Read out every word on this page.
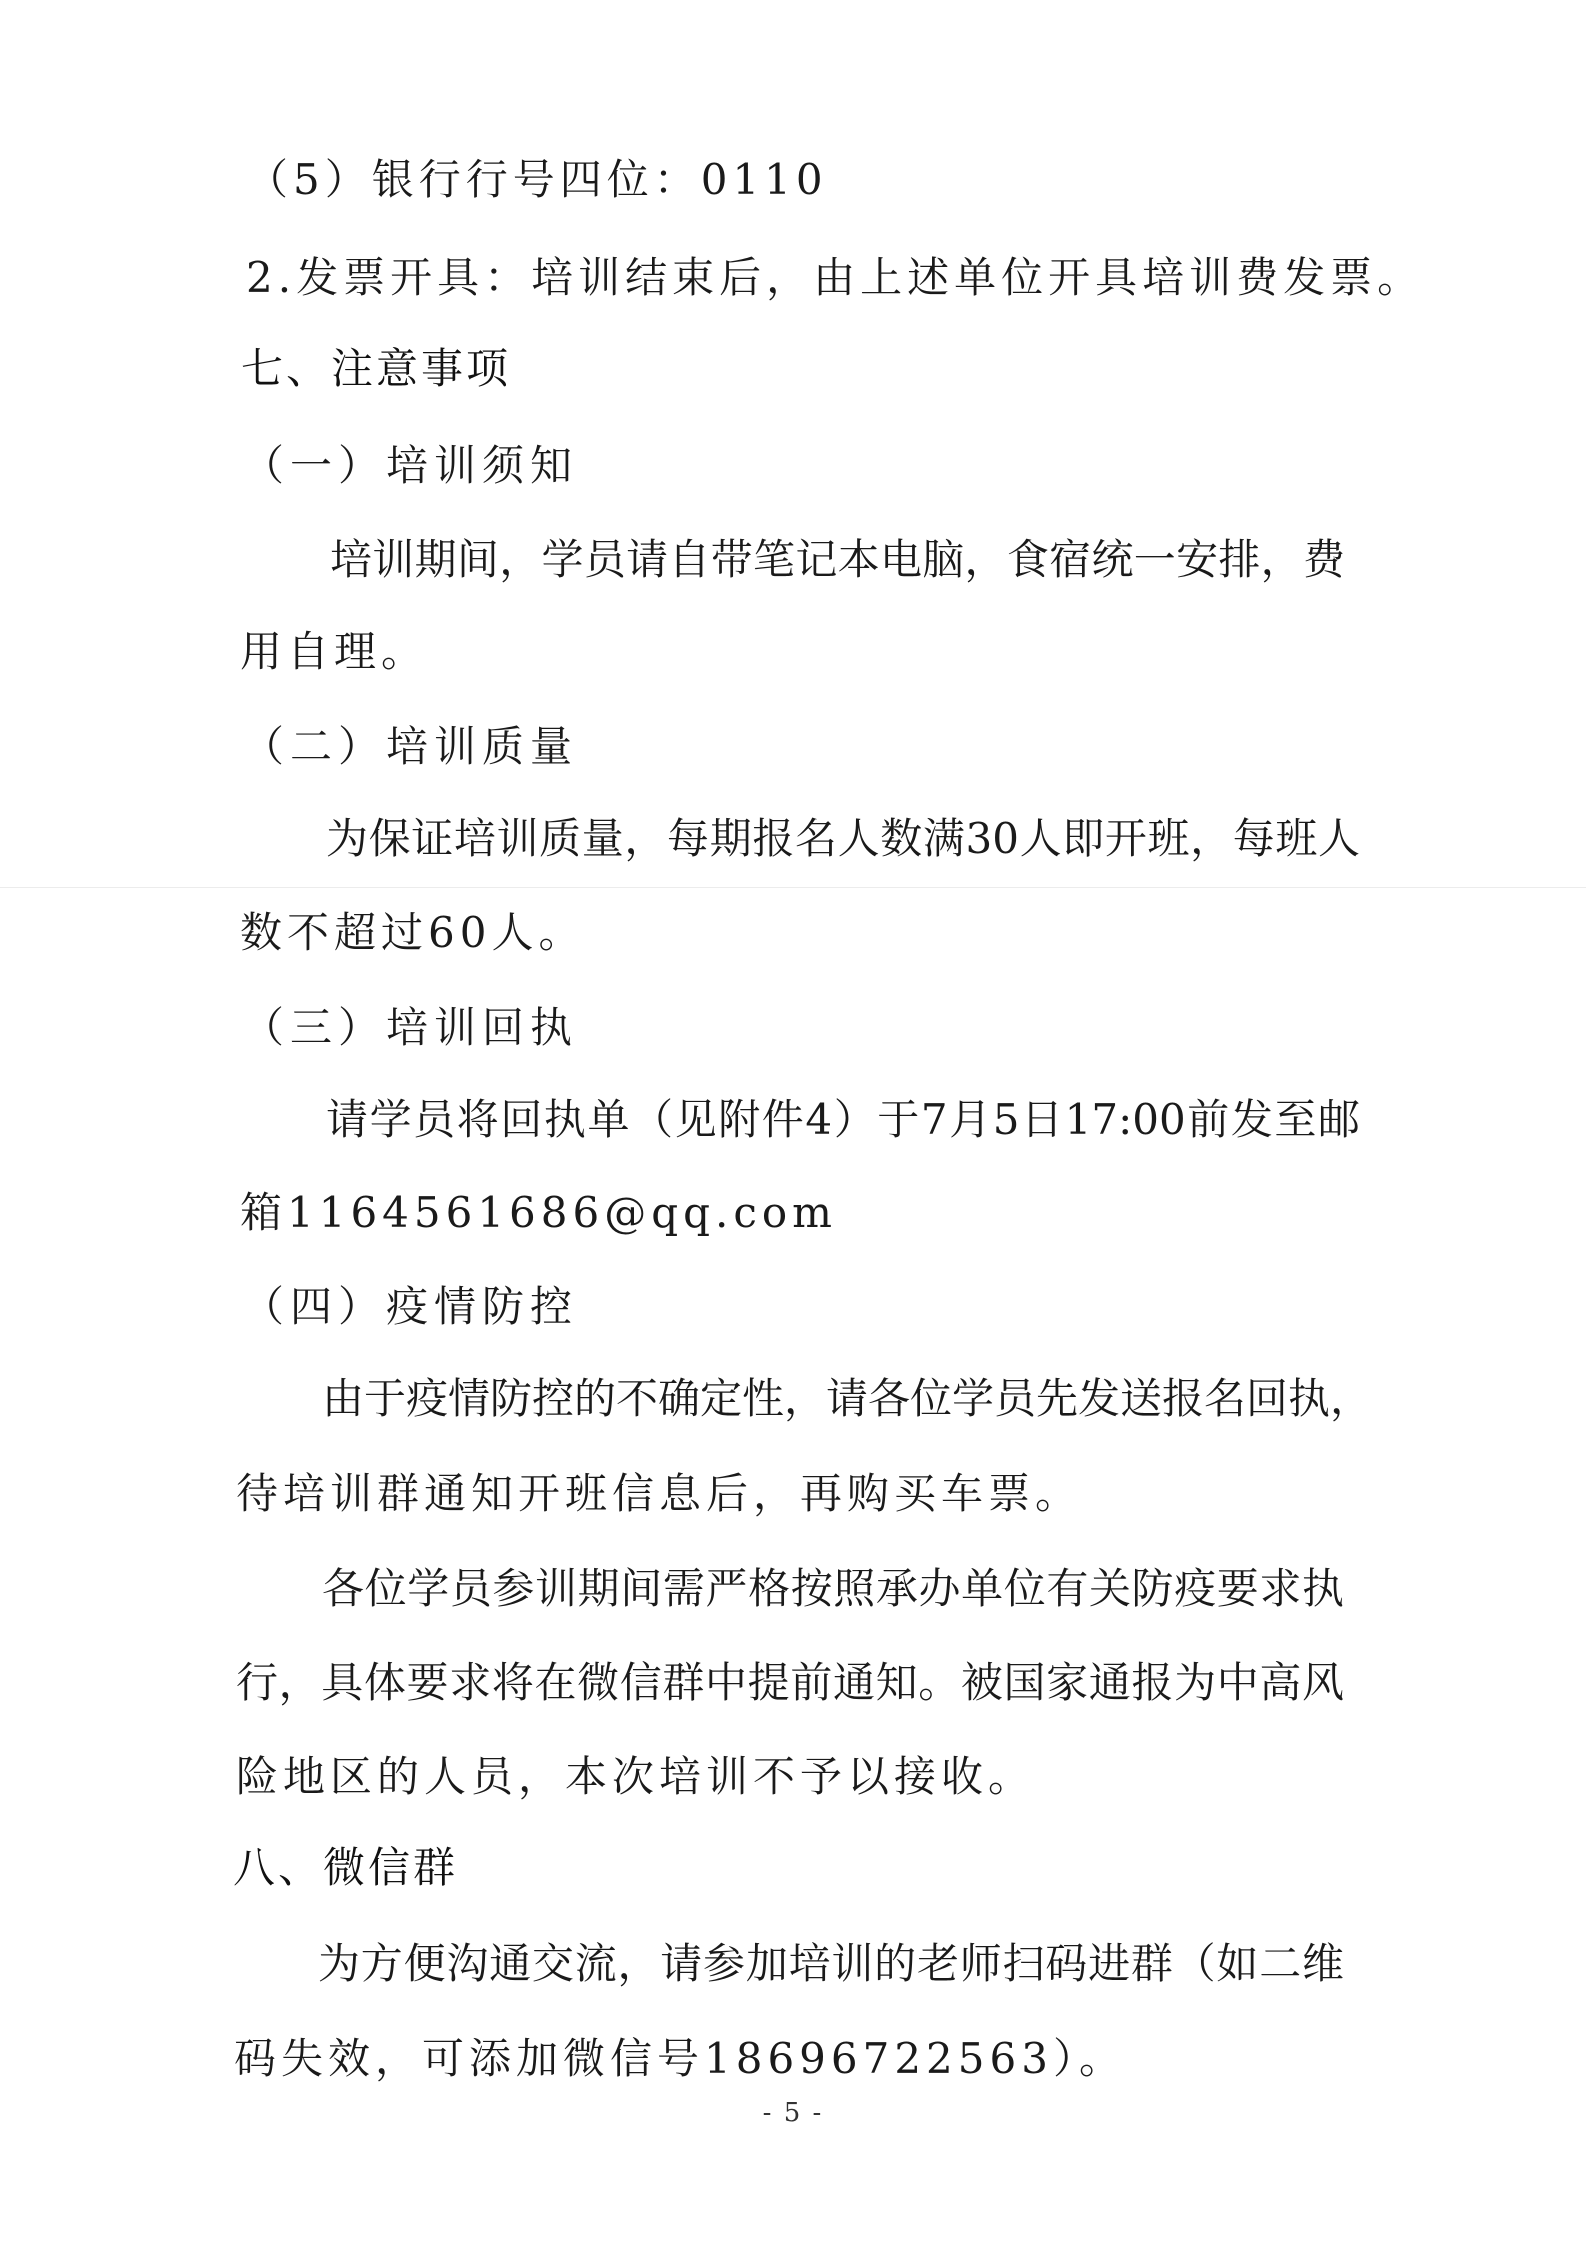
（5）银行行号四位：0110
2.发票开具：培训结束后，由上述单位开具培训费发票。
七、注意事项
（一）培训须知
培训期间，学员请自带笔记本电脑，食宿统一安排，费
用自理。
（二）培训质量
为保证培训质量，每期报名人数满30人即开班，每班人
数不超过60人。
（三）培训回执
请学员将回执单（见附件4）于7月5日17:00前发至邮
箱1164561686@qq.com
（四）疫情防控
由于疫情防控的不确定性，请各位学员先发送报名回执，
待培训群通知开班信息后，再购买车票。
各位学员参训期间需严格按照承办单位有关防疫要求执
行，具体要求将在微信群中提前通知。被国家通报为中高风
险地区的人员，本次培训不予以接收。
八、微信群
为方便沟通交流，请参加培训的老师扫码进群（如二维
码失效，可添加微信号18696722563）。
- 5 -
